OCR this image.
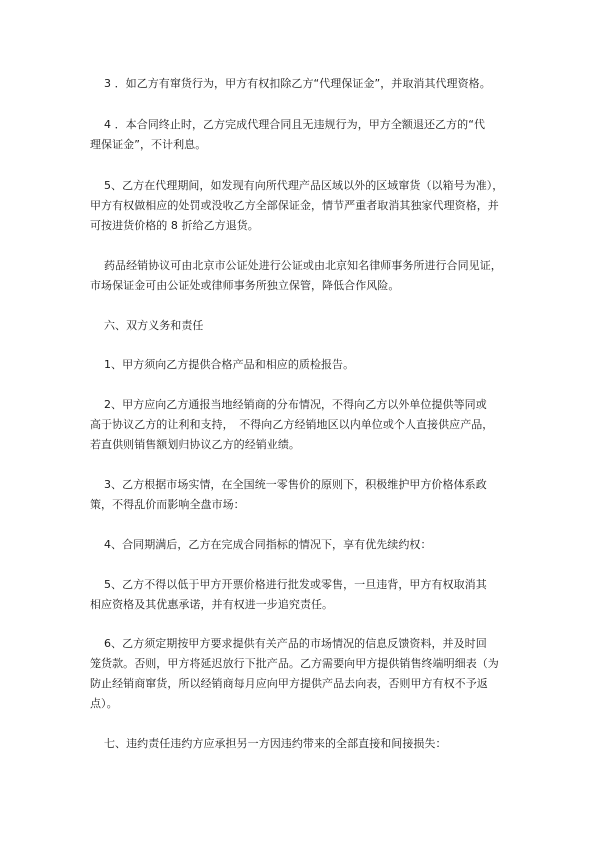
3 ．如乙方有窜货行为，甲方有权扣除乙方“代理保证金”，并取消其代理资格。
4 ．本合同终止时，乙方完成代理合同且无违规行为，甲方全额退还乙方的“代
理保证金”，不计利息。
5、乙方在代理期间，如发现有向所代理产品区域以外的区域窜货（以箱号为准），
甲方有权做相应的处罚或没收乙方全部保证金，情节严重者取消其独家代理资格，并
可按进货价格的 8 折给乙方退货。
药品经销协议可由北京市公证处进行公证或由北京知名律师事务所进行合同见证，
市场保证金可由公证处或律师事务所独立保管，降低合作风险。
六、双方义务和责任
1、甲方须向乙方提供合格产品和相应的质检报告。
2、甲方应向乙方通报当地经销商的分布情况，不得向乙方以外单位提供等同或
高于协议乙方的让利和支持，　不得向乙方经销地区以内单位或个人直接供应产品，
若直供则销售额划归协议乙方的经销业绩。
3、乙方根据市场实情，在全国统一零售价的原则下，积极维护甲方价格体系政
策，不得乱价而影响全盘市场：
4、合同期满后，乙方在完成合同指标的情况下，享有优先续约权：
5、乙方不得以低于甲方开票价格进行批发或零售，一旦违背，甲方有权取消其
相应资格及其优惠承诺，并有权进一步追究责任。
6、乙方须定期按甲方要求提供有关产品的市场情况的信息反馈资料，并及时回
笼货款。否则，甲方将延迟放行下批产品。乙方需要向甲方提供销售终端明细表（为
防止经销商窜货，所以经销商每月应向甲方提供产品去向表，否则甲方有权不予返
点）。
七、违约责任违约方应承担另一方因违约带来的全部直接和间接损失：
